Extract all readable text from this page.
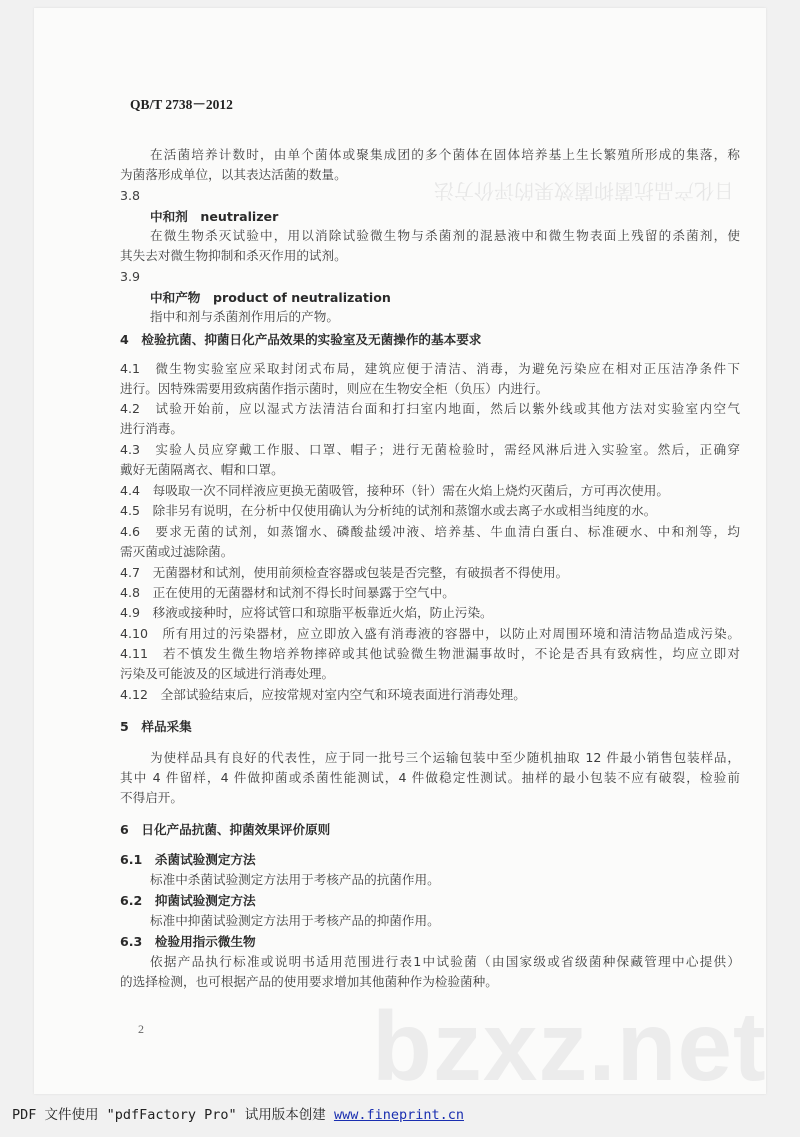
日化产品抗菌抑菌效果的评价方法
QB/T 2738－2012
在活菌培养计数时，由单个菌体或聚集成团的多个菌体在固体培养基上生长繁殖所形成的集落，称
为菌落形成单位，以其表达活菌的数量。
3.8
中和剂　neutralizer
在微生物杀灭试验中，用以消除试验微生物与杀菌剂的混悬液中和微生物表面上残留的杀菌剂，使
其失去对微生物抑制和杀灭作用的试剂。
3.9
中和产物　product of neutralization
指中和剂与杀菌剂作用后的产物。
4　检验抗菌、抑菌日化产品效果的实验室及无菌操作的基本要求
4.1　微生物实验室应采取封闭式布局，建筑应便于清洁、消毒，为避免污染应在相对正压洁净条件下
进行。因特殊需要用致病菌作指示菌时，则应在生物安全柜（负压）内进行。
4.2　试验开始前，应以湿式方法清洁台面和打扫室内地面，然后以紫外线或其他方法对实验室内空气
进行消毒。
4.3　实验人员应穿戴工作服、口罩、帽子；进行无菌检验时，需经风淋后进入实验室。然后，正确穿
戴好无菌隔离衣、帽和口罩。
4.4　每吸取一次不同样液应更换无菌吸管，接种环（针）需在火焰上烧灼灭菌后，方可再次使用。
4.5　除非另有说明，在分析中仅使用确认为分析纯的试剂和蒸馏水或去离子水或相当纯度的水。
4.6　要求无菌的试剂，如蒸馏水、磷酸盐缓冲液、培养基、牛血清白蛋白、标准硬水、中和剂等，均
需灭菌或过滤除菌。
4.7　无菌器材和试剂，使用前须检查容器或包装是否完整，有破损者不得使用。
4.8　正在使用的无菌器材和试剂不得长时间暴露于空气中。
4.9　移液或接种时，应将试管口和琼脂平板靠近火焰，防止污染。
4.10　所有用过的污染器材，应立即放入盛有消毒液的容器中，以防止对周围环境和清洁物品造成污染。
4.11　若不慎发生微生物培养物摔碎或其他试验微生物泄漏事故时，不论是否具有致病性，均应立即对
污染及可能波及的区域进行消毒处理。
4.12　全部试验结束后，应按常规对室内空气和环境表面进行消毒处理。
5　样品采集
为使样品具有良好的代表性，应于同一批号三个运输包装中至少随机抽取 12 件最小销售包装样品，
其中 4 件留样，4 件做抑菌或杀菌性能测试，4 件做稳定性测试。抽样的最小包装不应有破裂，检验前
不得启开。
6　日化产品抗菌、抑菌效果评价原则
6.1　杀菌试验测定方法
标准中杀菌试验测定方法用于考核产品的抗菌作用。
6.2　抑菌试验测定方法
标准中抑菌试验测定方法用于考核产品的抑菌作用。
6.3　检验用指示微生物
依据产品执行标准或说明书适用范围进行表1中试验菌（由国家级或省级菌种保藏管理中心提供）
的选择检测，也可根据产品的使用要求增加其他菌种作为检验菌种。
bzxz.net
2
PDF 文件使用 "pdfFactory Pro" 试用版本创建 www.fineprint.cn
